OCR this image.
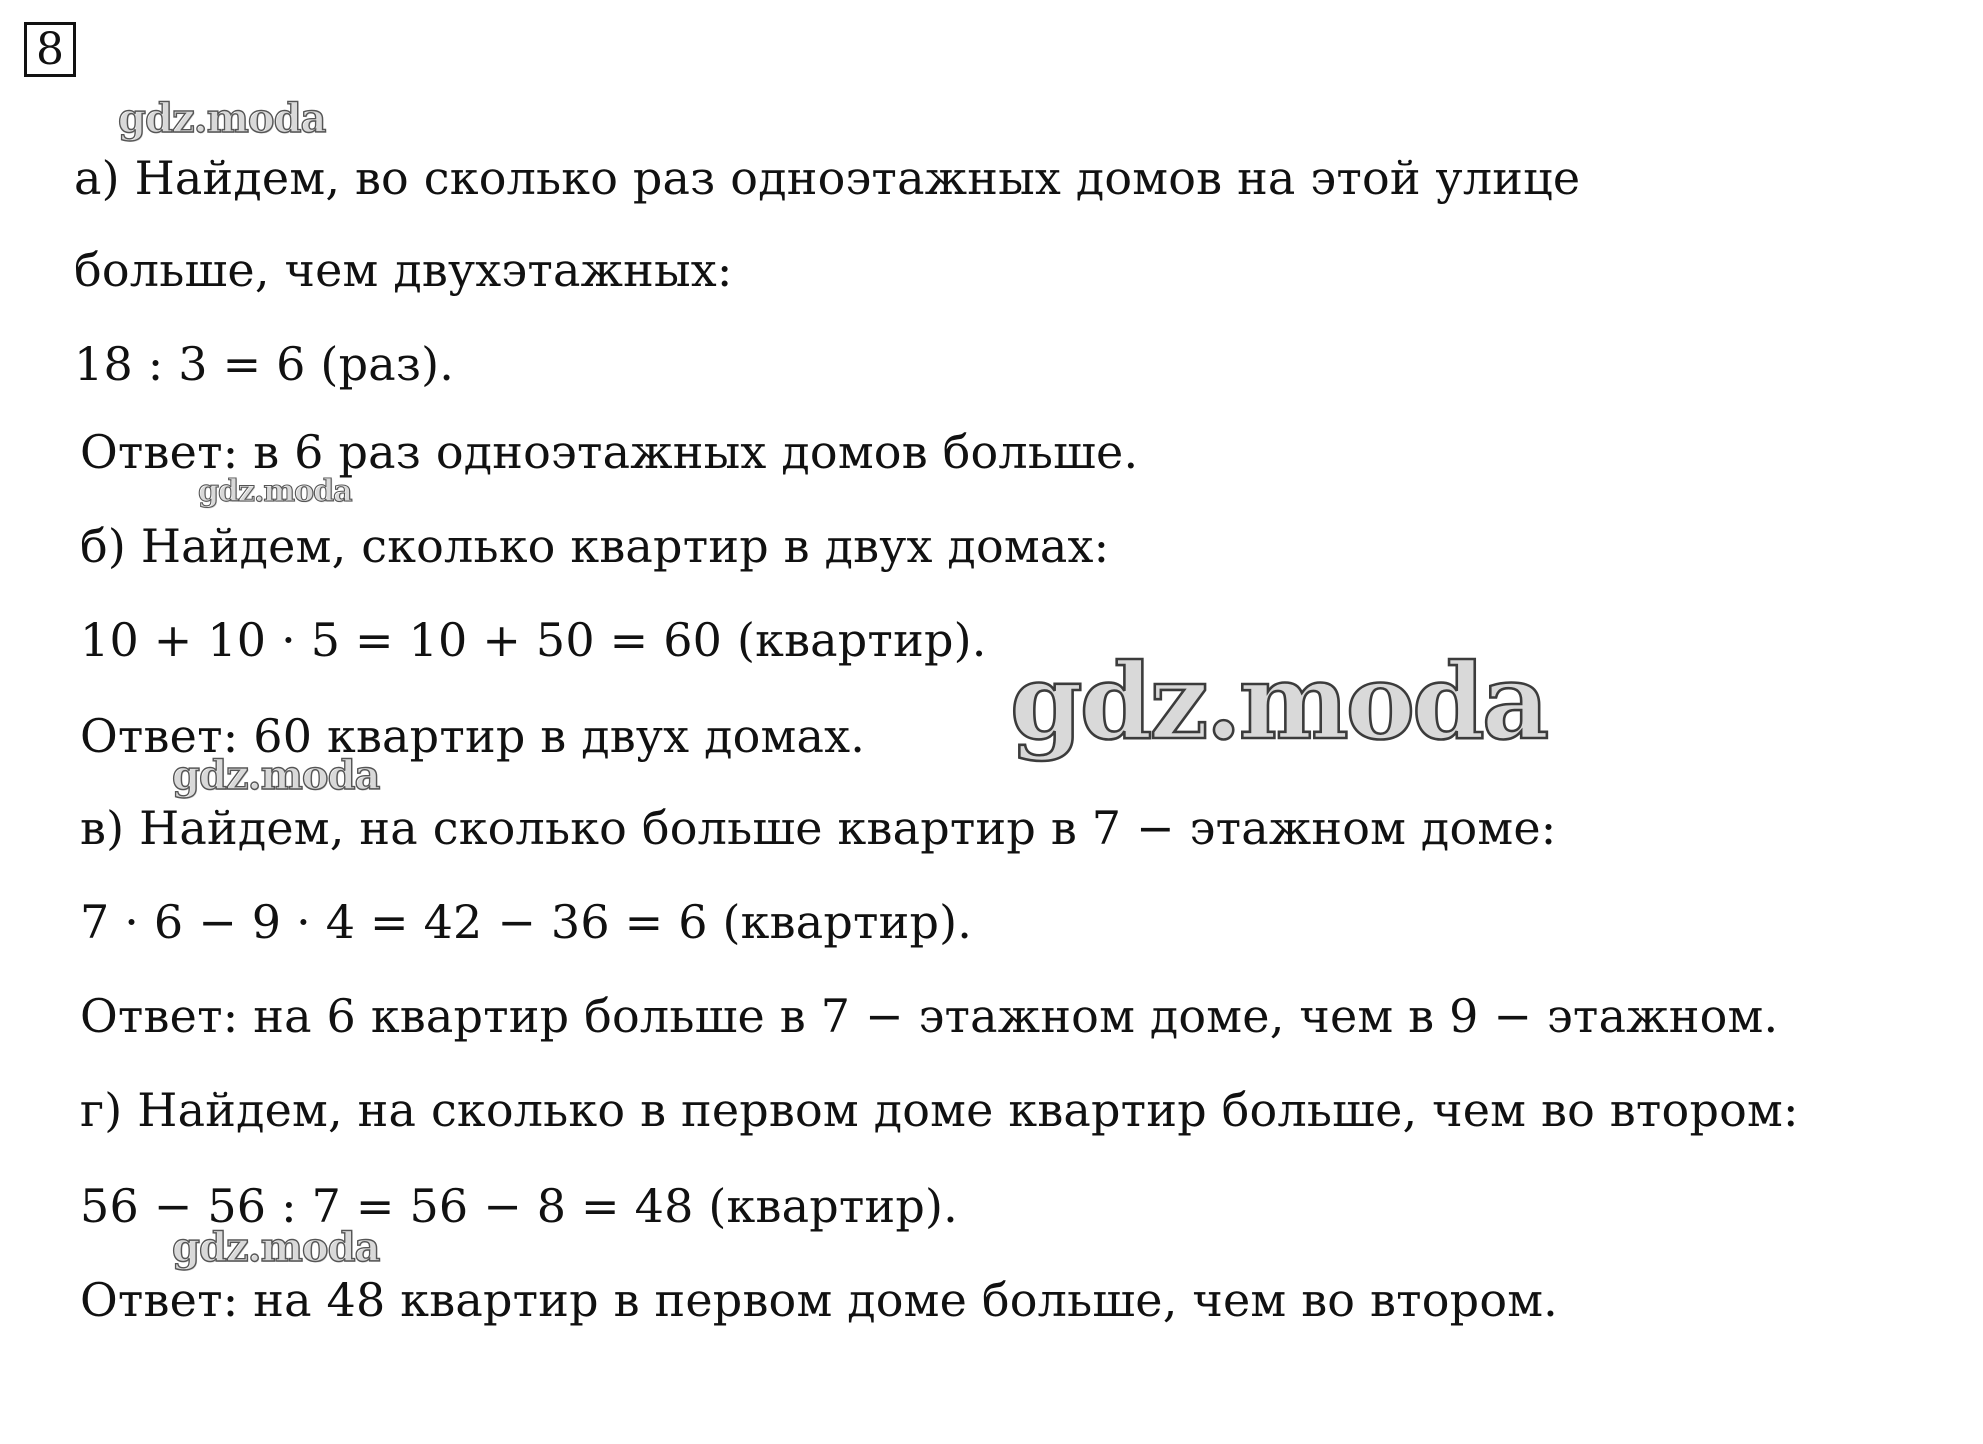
8
gdz.moda
а) Найдем, во сколько раз одноэтажных домов на этой улице
больше, чем двухэтажных:
18 : 3 = 6 (раз).
Ответ: в 6 раз одноэтажных домов больше.
gdz.moda
б) Найдем, сколько квартир в двух домах:
10 + 10 · 5 = 10 + 50 = 60 (квартир).
Ответ: 60 квартир в двух домах. gdz.moda
gdz.moda
в) Найдем, на сколько больше квартир в 7 − этажном доме:
7 · 6 − 9 · 4 = 42 − 36 = 6 (квартир).
Ответ: на 6 квартир больше в 7 − этажном доме, чем в 9 − этажном.
г) Найдем, на сколько в первом доме квартир больше, чем во втором:
56 − 56 : 7 = 56 − 8 = 48 (квартир).
gdz.moda
Ответ: на 48 квартир в первом доме больше, чем во втором.
